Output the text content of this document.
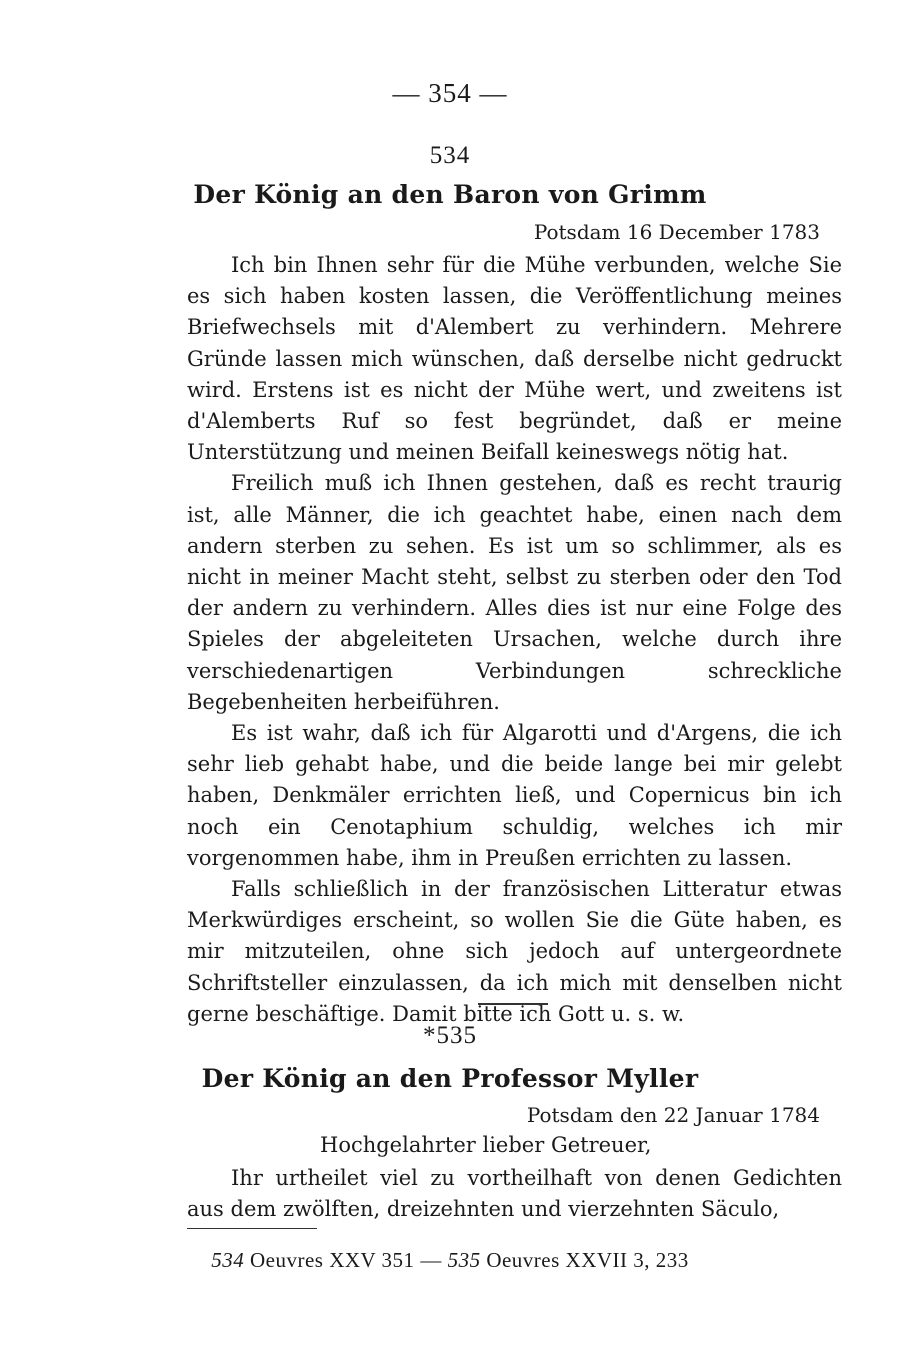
— 354 —
534
Der König an den Baron von Grimm
Potsdam 16 December 1783

Ich bin Ihnen sehr für die Mühe verbunden, welche Sie es sich haben kosten lassen, die Veröffentlichung meines Briefwechsels mit d'Alembert zu verhindern. Mehrere Gründe lassen mich wünschen, daß derselbe nicht gedruckt wird. Erstens ist es nicht der Mühe wert, und zweitens ist d'Alemberts Ruf so fest begründet, daß er meine Unterstützung und meinen Beifall keineswegs nötig hat.

Freilich muß ich Ihnen gestehen, daß es recht traurig ist, alle Männer, die ich geachtet habe, einen nach dem andern sterben zu sehen. Es ist um so schlimmer, als es nicht in meiner Macht steht, selbst zu sterben oder den Tod der andern zu verhindern. Alles dies ist nur eine Folge des Spieles der abgeleiteten Ursachen, welche durch ihre verschiedenartigen Verbindungen schreckliche Begebenheiten herbeiführen.

Es ist wahr, daß ich für Algarotti und d'Argens, die ich sehr lieb gehabt habe, und die beide lange bei mir gelebt haben, Denkmäler errichten ließ, und Copernicus bin ich noch ein Cenotaphium schuldig, welches ich mir vorgenommen habe, ihm in Preußen errichten zu lassen.

Falls schließlich in der französischen Litteratur etwas Merkwürdiges erscheint, so wollen Sie die Güte haben, es mir mitzuteilen, ohne sich jedoch auf untergeordnete Schriftsteller einzulassen, da ich mich mit denselben nicht gerne beschäftige. Damit bitte ich Gott u. s. w.

*535
Der König an den Professor Myller
Potsdam den 22 Januar 1784
Hochgelahrter lieber Getreuer,

Ihr urtheilet viel zu vortheilhaft von denen Gedichten aus dem zwölften, dreizehnten und vierzehnten Säculo,

534 Oeuvres XXV 351 — 535 Oeuvres XXVII 3, 233
